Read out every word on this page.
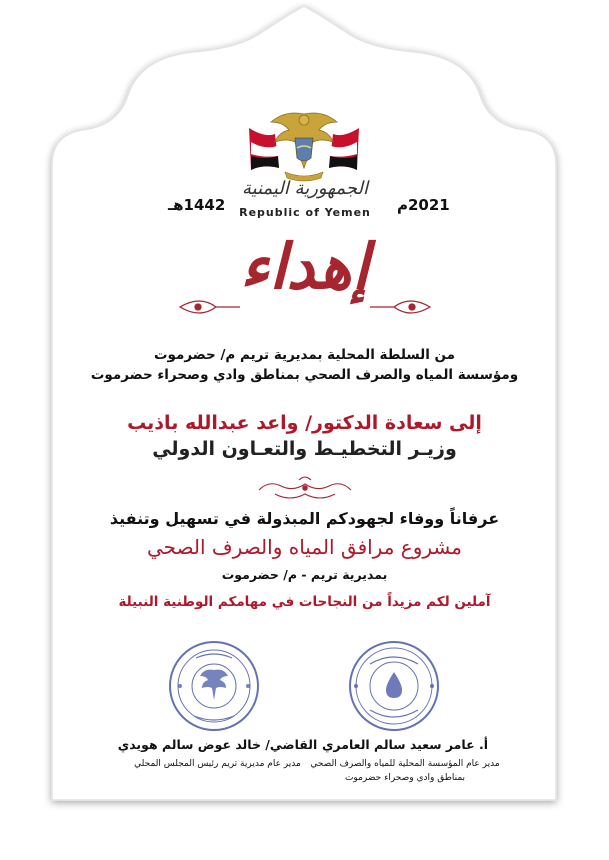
الجمهورية اليمنية
Republic of Yemen	2021م
1442هـ
إهداء
من السلطة المحلية بمديرية تريم م/ حضرموت
ومؤسسة المياه والصرف الصحي بمناطق وادي وصحراء حضرموت
إلى سعادة الدكتور/ واعد عبدالله باذيب
وزيـر التخطيـط والتعـاون الدولي
عرفاناً ووفاء لجهودكم المبذولة في تسهيل وتنفيذ
مشروع مرافق المياه والصرف الصحي
بمديرية تريم - م/ حضرموت
آملين لكم مزيداً من النجاحات في مهامكم الوطنية النبيلة
القاضي/ خالد عوض سالم هويدي
مدير عام مديرية تريم رئيس المجلس المحلي
أ. عامر سعيد سالم العامري
مدير عام المؤسسة المحلية للمياه والصرف الصحي
بمناطق وادي وصحراء حضرموت
